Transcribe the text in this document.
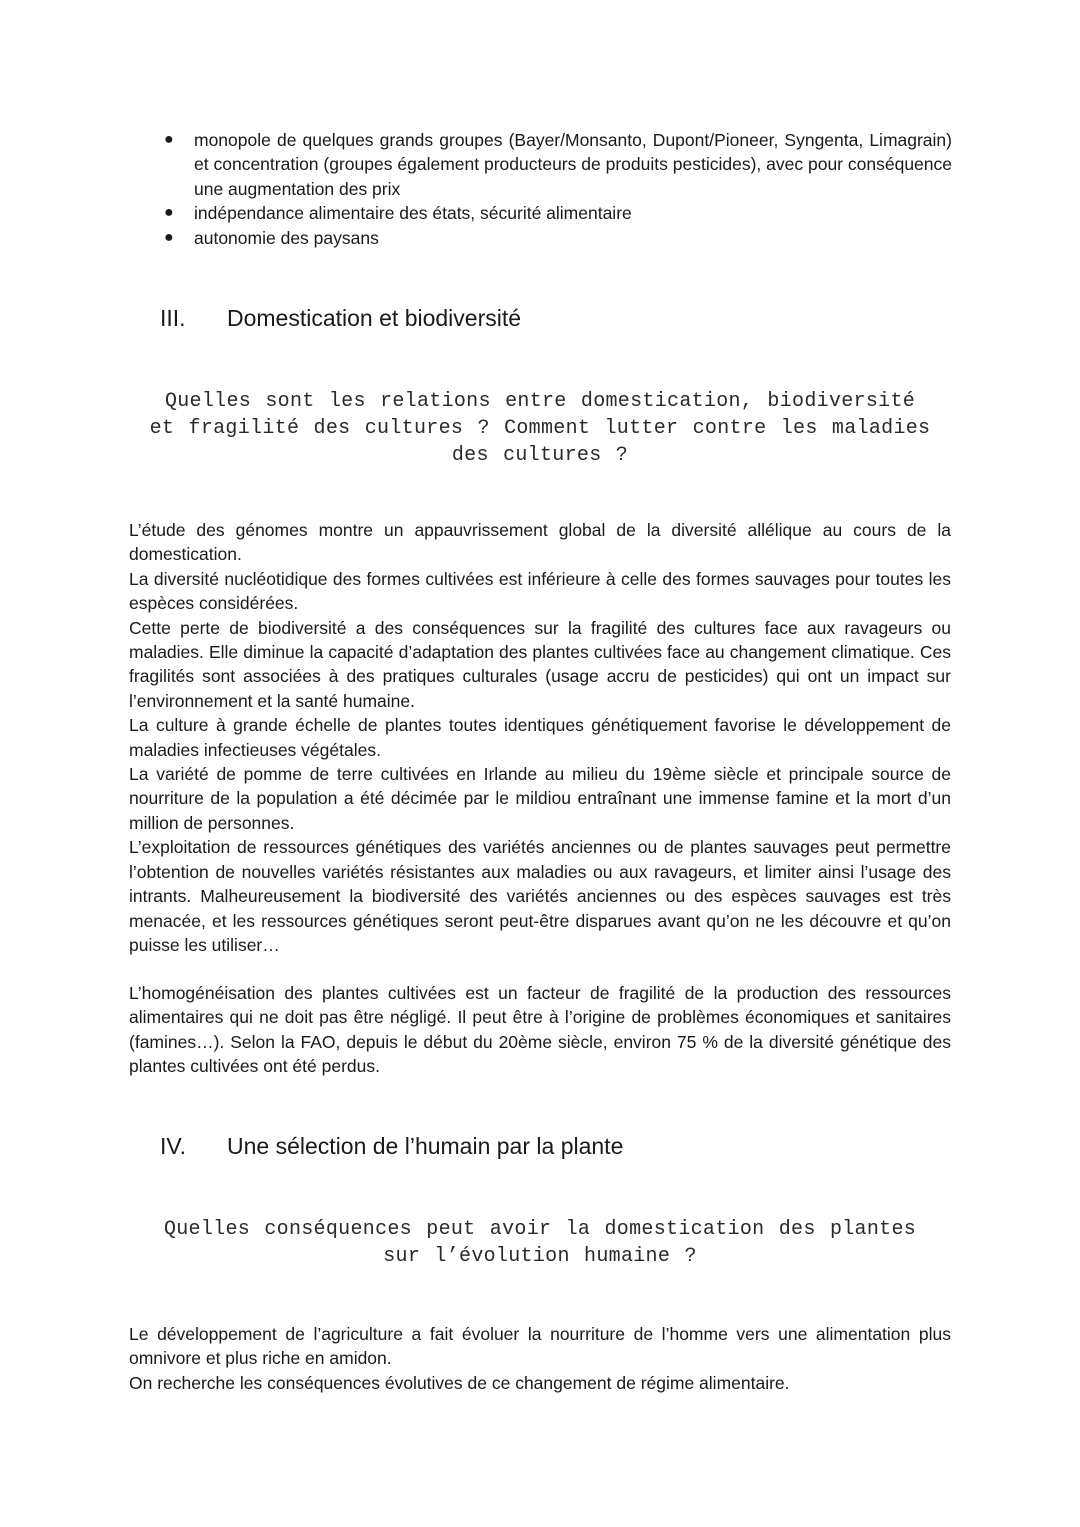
● monopole de quelques grands groupes (Bayer/Monsanto, Dupont/Pioneer, Syngenta, Limagrain) et concentration (groupes également producteurs de produits pesticides), avec pour conséquence une augmentation des prix
● indépendance alimentaire des états, sécurité alimentaire
● autonomie des paysans
III. Domestication et biodiversité
Quelles sont les relations entre domestication, biodiversité
et fragilité des cultures ? Comment lutter contre les maladies
des cultures ?

L’étude des génomes montre un appauvrissement global de la diversité allélique au cours de la domestication.

La diversité nucléotidique des formes cultivées est inférieure à celle des formes sauvages pour toutes les espèces considérées.

Cette perte de biodiversité a des conséquences sur la fragilité des cultures face aux ravageurs ou maladies. Elle diminue la capacité d’adaptation des plantes cultivées face au changement climatique. Ces fragilités sont associées à des pratiques culturales (usage accru de pesticides) qui ont un impact sur l’environnement et la santé humaine.

La culture à grande échelle de plantes toutes identiques génétiquement favorise le développement de maladies infectieuses végétales.

La variété de pomme de terre cultivées en Irlande au milieu du 19ème siècle et principale source de nourriture de la population a été décimée par le mildiou entraînant une immense famine et la mort d’un million de personnes.

L’exploitation de ressources génétiques des variétés anciennes ou de plantes sauvages peut permettre l’obtention de nouvelles variétés résistantes aux maladies ou aux ravageurs, et limiter ainsi l’usage des intrants. Malheureusement la biodiversité des variétés anciennes ou des espèces sauvages est très menacée, et les ressources génétiques seront peut-être disparues avant qu’on ne les découvre et qu’on puisse les utiliser…

L’homogénéisation des plantes cultivées est un facteur de fragilité de la production des ressources alimentaires qui ne doit pas être négligé. Il peut être à l’origine de problèmes économiques et sanitaires (famines…). Selon la FAO, depuis le début du 20ème siècle, environ 75 % de la diversité génétique des plantes cultivées ont été perdus.

IV. Une sélection de l’humain par la plante
Quelles conséquences peut avoir la domestication des plantes
sur l’évolution humaine ?

Le développement de l’agriculture a fait évoluer la nourriture de l’homme vers une alimentation plus omnivore et plus riche en amidon.

On recherche les conséquences évolutives de ce changement de régime alimentaire.
